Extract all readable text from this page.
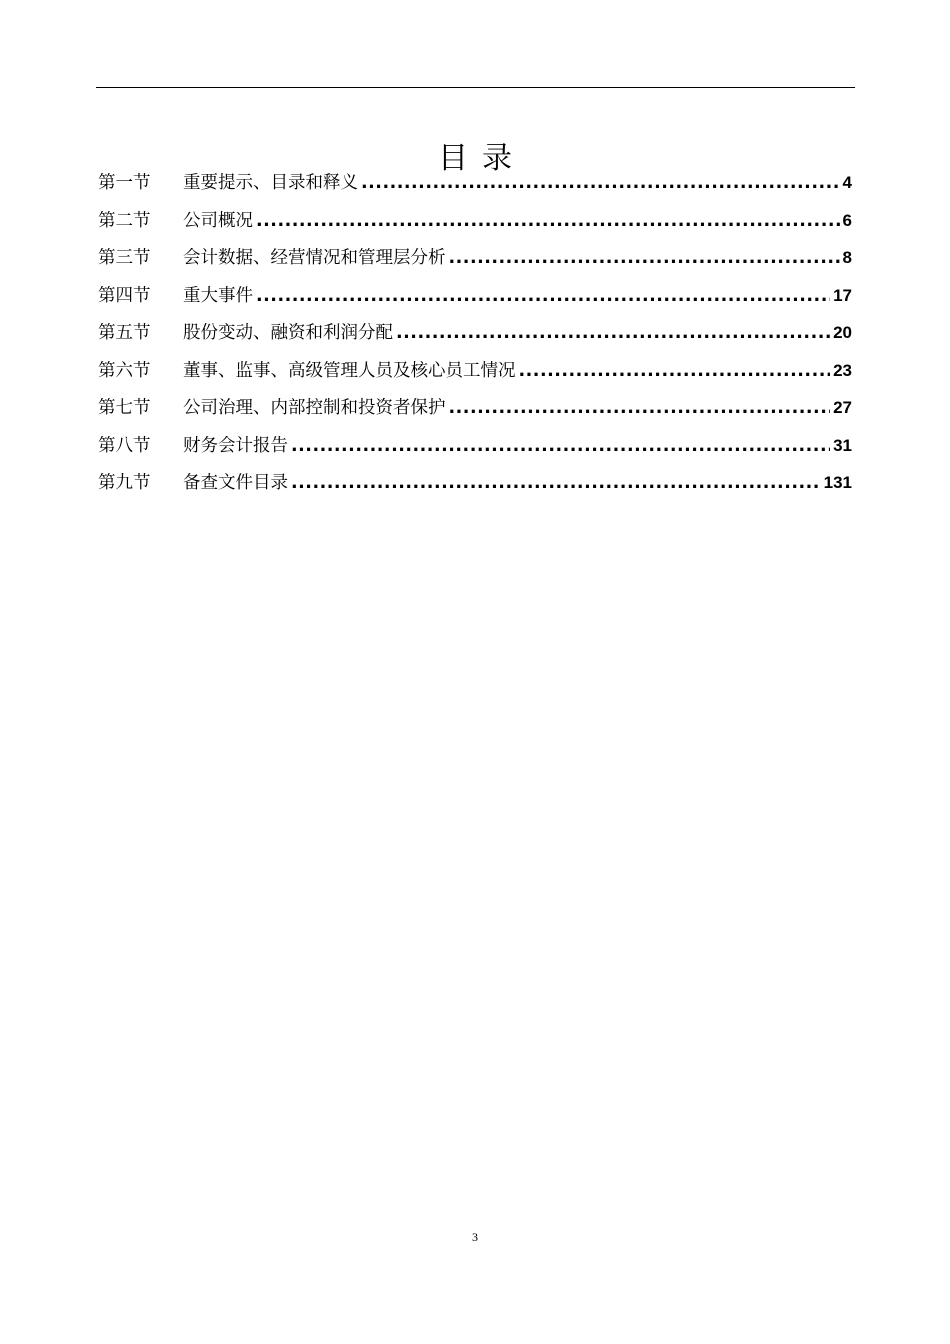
目录
第一节	重要提示、目录和释义 .....	4
第二节	公司概况 .....	6
第三节	会计数据、经营情况和管理层分析 .....	8
第四节	重大事件 .....	17
第五节	股份变动、融资和利润分配 .....	20
第六节	董事、监事、高级管理人员及核心员工情况 .....	23
第七节	公司治理、内部控制和投资者保护 .....	27
第八节	财务会计报告 .....	31
第九节	备查文件目录 .....	131
3
